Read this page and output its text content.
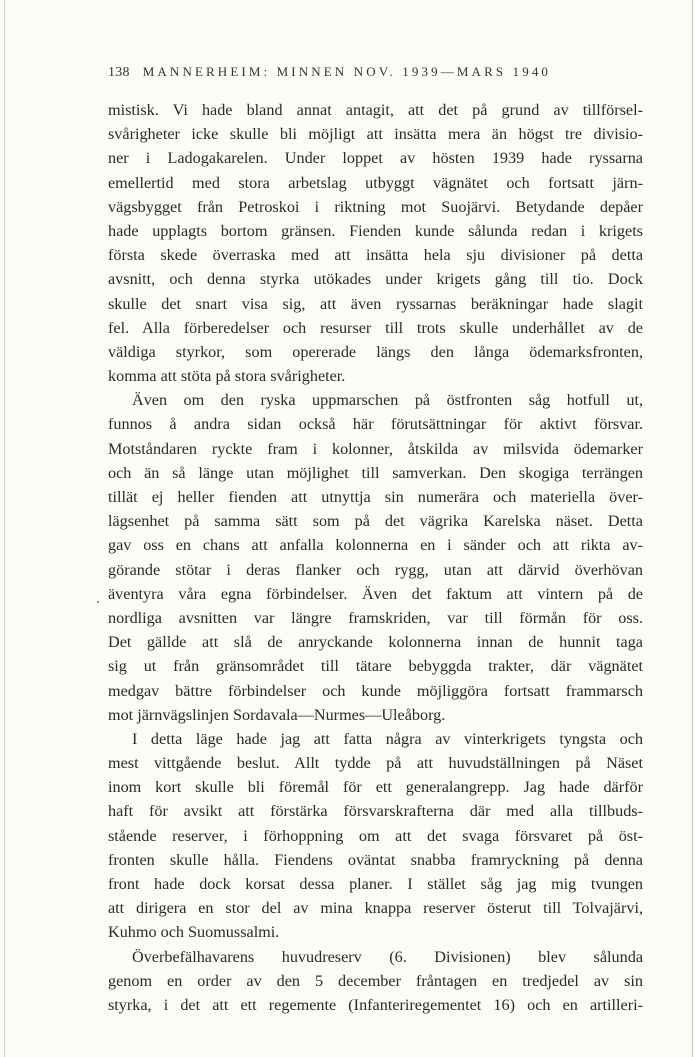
138 MANNERHEIM: MINNEN NOV. 1939—MARS 1940
mistisk. Vi hade bland annat antagit, att det på grund av tillförsel-
svårigheter icke skulle bli möjligt att insätta mera än högst tre divisio-
ner i Ladogakarelen. Under loppet av hösten 1939 hade ryssarna
emellertid med stora arbetslag utbyggt vägnätet och fortsatt järn-
vägsbygget från Petroskoi i riktning mot Suojärvi. Betydande depåer
hade upplagts bortom gränsen. Fienden kunde sålunda redan i krigets
första skede överraska med att insätta hela sju divisioner på detta
avsnitt, och denna styrka utökades under krigets gång till tio. Dock
skulle det snart visa sig, att även ryssarnas beräkningar hade slagit
fel. Alla förberedelser och resurser till trots skulle underhållet av de
väldiga styrkor, som opererade längs den långa ödemarksfronten,
komma att stöta på stora svårigheter.
Även om den ryska uppmarschen på östfronten såg hotfull ut,
funnos å andra sidan också här förutsättningar för aktivt försvar.
Motståndaren ryckte fram i kolonner, åtskilda av milsvida ödemarker
och än så länge utan möjlighet till samverkan. Den skogiga terrängen
tillät ej heller fienden att utnyttja sin numerära och materiella över-
lägsenhet på samma sätt som på det vägrika Karelska näset. Detta
gav oss en chans att anfalla kolonnerna en i sänder och att rikta av-
görande stötar i deras flanker och rygg, utan att därvid överhövan
äventyra våra egna förbindelser. Även det faktum att vintern på de
nordliga avsnitten var längre framskriden, var till förmån för oss.
Det gällde att slå de anryckande kolonnerna innan de hunnit taga
sig ut från gränsområdet till tätare bebyggda trakter, där vägnätet
medgav bättre förbindelser och kunde möjliggöra fortsatt frammarsch
mot järnvägslinjen Sordavala—Nurmes—Uleåborg.
I detta läge hade jag att fatta några av vinterkrigets tyngsta och
mest vittgående beslut. Allt tydde på att huvudställningen på Näset
inom kort skulle bli föremål för ett generalangrepp. Jag hade därför
haft för avsikt att förstärka försvarskrafterna där med alla tillbuds-
stående reserver, i förhoppning om att det svaga försvaret på öst-
fronten skulle hålla. Fiendens oväntat snabba framryckning på denna
front hade dock korsat dessa planer. I stället såg jag mig tvungen
att dirigera en stor del av mina knappa reserver österut till Tolvajärvi,
Kuhmo och Suomussalmi.
Överbefälhavarens huvudreserv (6. Divisionen) blev sålunda
genom en order av den 5 december fråntagen en tredjedel av sin
styrka, i det att ett regemente (Infanteriregementet 16) och en artilleri-
